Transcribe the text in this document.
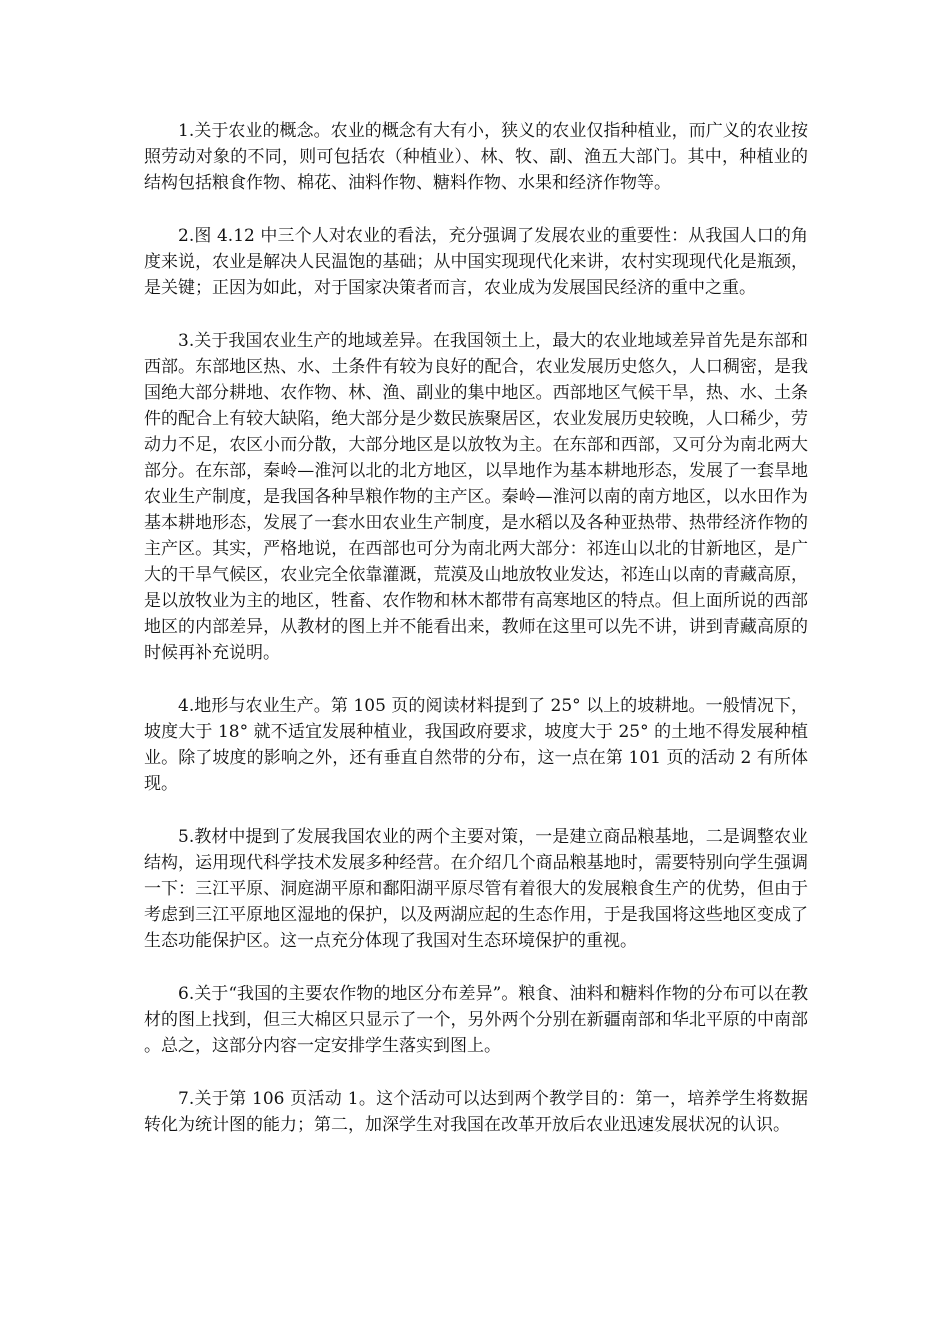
1.关于农业的概念。农业的概念有大有小，狭义的农业仅指种植业，而广义的农业按照劳动对象的不同，则可包括农（种植业）、林、牧、副、渔五大部门。其中，种植业的结构包括粮食作物、棉花、油料作物、糖料作物、水果和经济作物等。

2.图 4.12 中三个人对农业的看法，充分强调了发展农业的重要性：从我国人口的角度来说，农业是解决人民温饱的基础；从中国实现现代化来讲，农村实现现代化是瓶颈，是关键；正因为如此，对于国家决策者而言，农业成为发展国民经济的重中之重。

3.关于我国农业生产的地域差异。在我国领土上，最大的农业地域差异首先是东部和西部。东部地区热、水、土条件有较为良好的配合，农业发展历史悠久，人口稠密，是我国绝大部分耕地、农作物、林、渔、副业的集中地区。西部地区气候干旱，热、水、土条件的配合上有较大缺陷，绝大部分是少数民族聚居区，农业发展历史较晚，人口稀少，劳动力不足，农区小而分散，大部分地区是以放牧为主。在东部和西部，又可分为南北两大部分。在东部，秦岭—淮河以北的北方地区，以旱地作为基本耕地形态，发展了一套旱地农业生产制度，是我国各种旱粮作物的主产区。秦岭—淮河以南的南方地区，以水田作为基本耕地形态，发展了一套水田农业生产制度，是水稻以及各种亚热带、热带经济作物的主产区。其实，严格地说，在西部也可分为南北两大部分：祁连山以北的甘新地区，是广大的干旱气候区，农业完全依靠灌溉，荒漠及山地放牧业发达，祁连山以南的青藏高原，是以放牧业为主的地区，牲畜、农作物和林木都带有高寒地区的特点。但上面所说的西部地区的内部差异，从教材的图上并不能看出来，教师在这里可以先不讲，讲到青藏高原的时候再补充说明。

4.地形与农业生产。第 105 页的阅读材料提到了 25° 以上的坡耕地。一般情况下，坡度大于 18° 就不适宜发展种植业，我国政府要求，坡度大于 25° 的土地不得发展种植业。除了坡度的影响之外，还有垂直自然带的分布，这一点在第 101 页的活动 2 有所体现。

5.教材中提到了发展我国农业的两个主要对策，一是建立商品粮基地，二是调整农业结构，运用现代科学技术发展多种经营。在介绍几个商品粮基地时，需要特别向学生强调一下：三江平原、洞庭湖平原和鄱阳湖平原尽管有着很大的发展粮食生产的优势，但由于考虑到三江平原地区湿地的保护，以及两湖应起的生态作用，于是我国将这些地区变成了生态功能保护区。这一点充分体现了我国对生态环境保护的重视。

6.关于“我国的主要农作物的地区分布差异”。粮食、油料和糖料作物的分布可以在教材的图上找到，但三大棉区只显示了一个，另外两个分别在新疆南部和华北平原的中南部。总之，这部分内容一定安排学生落实到图上。

7.关于第 106 页活动 1。这个活动可以达到两个教学目的：第一，培养学生将数据转化为统计图的能力；第二，加深学生对我国在改革开放后农业迅速发展状况的认识。
